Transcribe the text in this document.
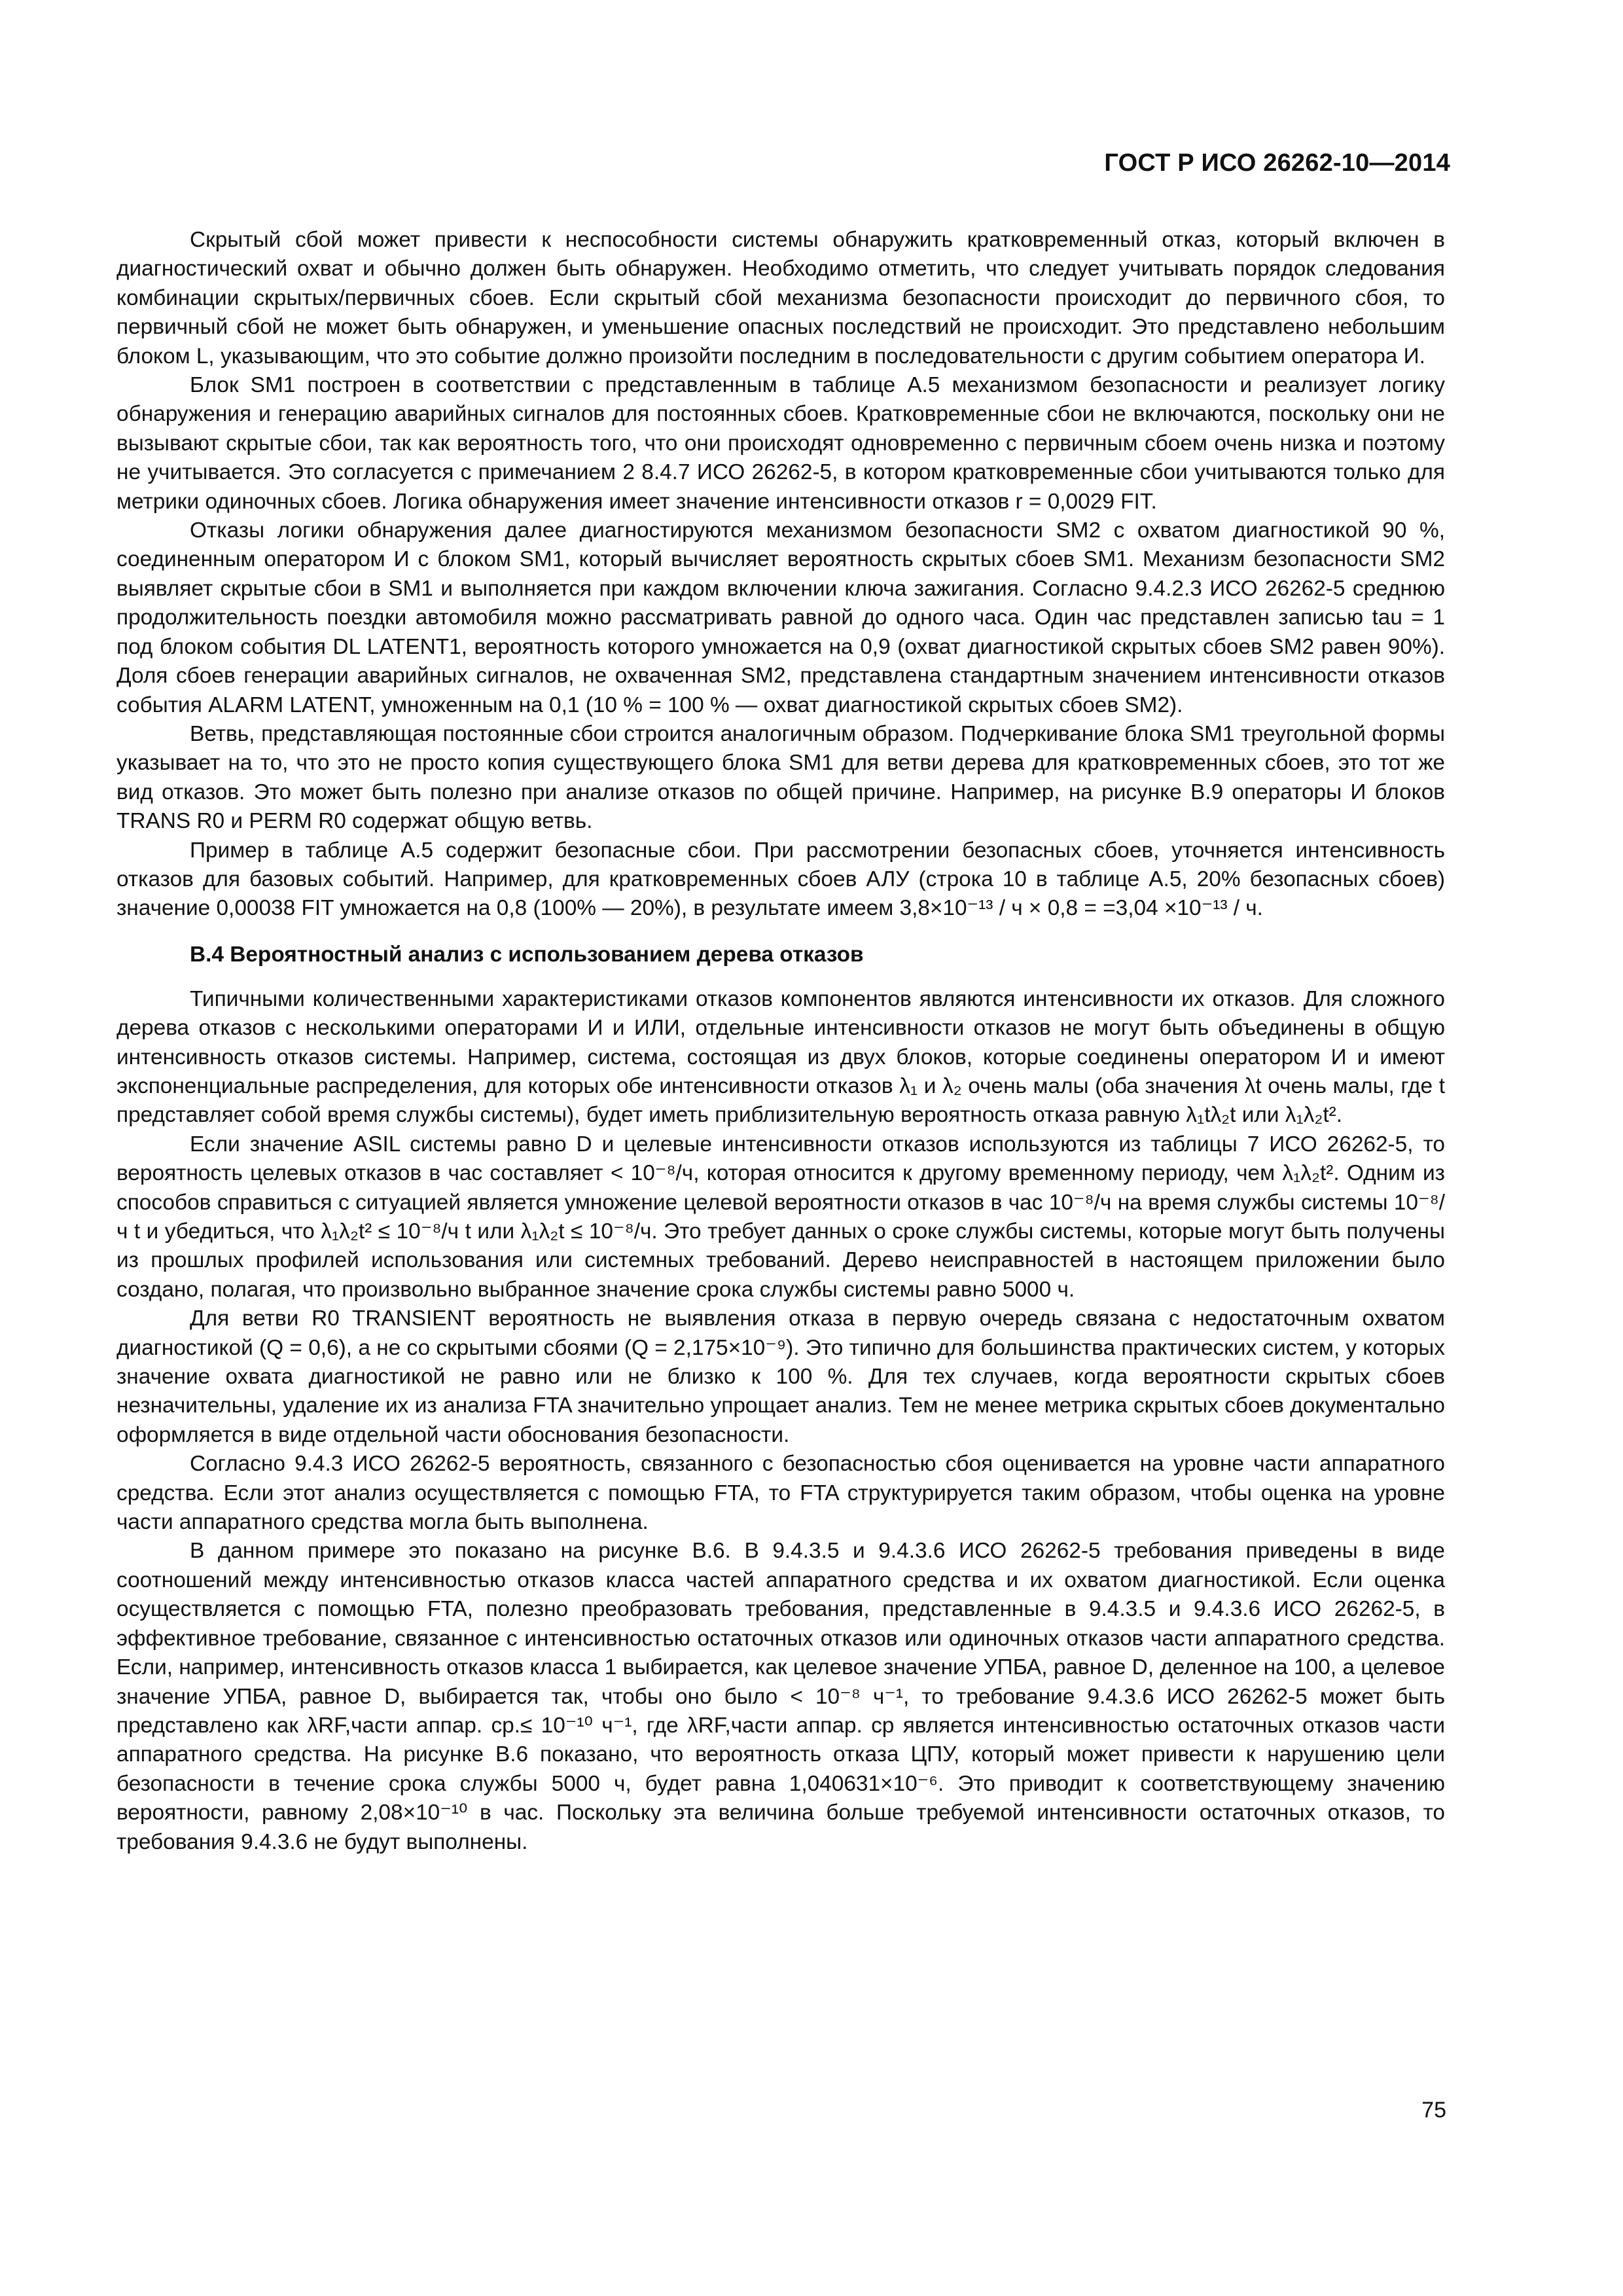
ГОСТ Р ИСО 26262-10—2014

Скрытый сбой может привести к неспособности системы обнаружить кратковременный отказ, который включен в диагностический охват и обычно должен быть обнаружен. Необходимо отметить, что следует учитывать порядок следования комбинации скрытых/первичных сбоев. Если скрытый сбой механизма безопасности происходит до первичного сбоя, то первичный сбой не может быть обнаружен, и уменьшение опасных последствий не происходит. Это представлено небольшим блоком L, указывающим, что это событие должно произойти последним в последовательности с другим событием оператора И.

Блок SM1 построен в соответствии с представленным в таблице А.5 механизмом безопасности и реализует логику обнаружения и генерацию аварийных сигналов для постоянных сбоев. Кратковременные сбои не включаются, поскольку они не вызывают скрытые сбои, так как вероятность того, что они происходят одновременно с первичным сбоем очень низка и поэтому не учитывается. Это согласуется с примечанием 2 8.4.7 ИСО 26262-5, в котором кратковременные сбои учитываются только для метрики одиночных сбоев. Логика обнаружения имеет значение интенсивности отказов r = 0,0029 FIT.

Отказы логики обнаружения далее диагностируются механизмом безопасности SM2 с охватом диагностикой 90 %, соединенным оператором И с блоком SM1, который вычисляет вероятность скрытых сбоев SM1. Механизм безопасности SM2 выявляет скрытые сбои в SM1 и выполняется при каждом включении ключа зажигания. Согласно 9.4.2.3 ИСО 26262-5 среднюю продолжительность поездки автомобиля можно рассматривать равной до одного часа. Один час представлен записью tau = 1 под блоком события DL LATENT1, вероятность которого умножается на 0,9 (охват диагностикой скрытых сбоев SM2 равен 90%). Доля сбоев генерации аварийных сигналов, не охваченная SM2, представлена стандартным значением интенсивности отказов события ALARM LATENT, умноженным на 0,1 (10 % = 100 % — охват диагностикой скрытых сбоев SM2).

Ветвь, представляющая постоянные сбои строится аналогичным образом. Подчеркивание блока SM1 треугольной формы указывает на то, что это не просто копия существующего блока SM1 для ветви дерева для кратковременных сбоев, это тот же вид отказов. Это может быть полезно при анализе отказов по общей причине. Например, на рисунке В.9 операторы И блоков TRANS R0 и PERM R0 содержат общую ветвь.

Пример в таблице А.5 содержит безопасные сбои. При рассмотрении безопасных сбоев, уточняется интенсивность отказов для базовых событий. Например, для кратковременных сбоев АЛУ (строка 10 в таблице А.5, 20% безопасных сбоев) значение 0,00038 FIT умножается на 0,8 (100% — 20%), в результате имеем 3,8×10⁻¹³ / ч × 0,8 = =3,04 ×10⁻¹³ / ч.

В.4 Вероятностный анализ с использованием дерева отказов

Типичными количественными характеристиками отказов компонентов являются интенсивности их отказов. Для сложного дерева отказов с несколькими операторами И и ИЛИ, отдельные интенсивности отказов не могут быть объединены в общую интенсивность отказов системы. Например, система, состоящая из двух блоков, которые соединены оператором И и имеют экспоненциальные распределения, для которых обе интенсивности отказов λ₁ и λ₂ очень малы (оба значения λt очень малы, где t представляет собой время службы системы), будет иметь приблизительную вероятность отказа равную λ₁tλ₂t или λ₁λ₂t².

Если значение ASIL системы равно D и целевые интенсивности отказов используются из таблицы 7 ИСО 26262-5, то вероятность целевых отказов в час составляет < 10⁻⁸/ч, которая относится к другому временному периоду, чем λ₁λ₂t². Одним из способов справиться с ситуацией является умножение целевой вероятности отказов в час 10⁻⁸/ч на время службы системы 10⁻⁸/ч t и убедиться, что λ₁λ₂t² ≤ 10⁻⁸/ч t или λ₁λ₂t ≤ 10⁻⁸/ч. Это требует данных о сроке службы системы, которые могут быть получены из прошлых профилей использования или системных требований. Дерево неисправностей в настоящем приложении было создано, полагая, что произвольно выбранное значение срока службы системы равно 5000 ч.

Для ветви R0 TRANSIENT вероятность не выявления отказа в первую очередь связана с недостаточным охватом диагностикой (Q = 0,6), а не со скрытыми сбоями (Q = 2,175×10⁻⁹). Это типично для большинства практических систем, у которых значение охвата диагностикой не равно или не близко к 100 %. Для тех случаев, когда вероятности скрытых сбоев незначительны, удаление их из анализа FTA значительно упрощает анализ. Тем не менее метрика скрытых сбоев документально оформляется в виде отдельной части обоснования безопасности.

Согласно 9.4.3 ИСО 26262-5 вероятность, связанного с безопасностью сбоя оценивается на уровне части аппаратного средства. Если этот анализ осуществляется с помощью FTA, то FTA структурируется таким образом, чтобы оценка на уровне части аппаратного средства могла быть выполнена.

В данном примере это показано на рисунке В.6. В 9.4.3.5 и 9.4.3.6 ИСО 26262-5 требования приведены в виде соотношений между интенсивностью отказов класса частей аппаратного средства и их охватом диагностикой. Если оценка осуществляется с помощью FTA, полезно преобразовать требования, представленные в 9.4.3.5 и 9.4.3.6 ИСО 26262-5, в эффективное требование, связанное с интенсивностью остаточных отказов или одиночных отказов части аппаратного средства. Если, например, интенсивность отказов класса 1 выбирается, как целевое значение УПБА, равное D, деленное на 100, а целевое значение УПБА, равное D, выбирается так, чтобы оно было < 10⁻⁸ ч⁻¹, то требование 9.4.3.6 ИСО 26262-5 может быть представлено как λRF,части аппар. ср.≤ 10⁻¹⁰ ч⁻¹, где λRF,части аппар. ср является интенсивностью остаточных отказов части аппаратного средства. На рисунке В.6 показано, что вероятность отказа ЦПУ, который может привести к нарушению цели безопасности в течение срока службы 5000 ч, будет равна 1,040631×10⁻⁶. Это приводит к соответствующему значению вероятности, равному 2,08×10⁻¹⁰ в час. Поскольку эта величина больше требуемой интенсивности остаточных отказов, то требования 9.4.3.6 не будут выполнены.

75
